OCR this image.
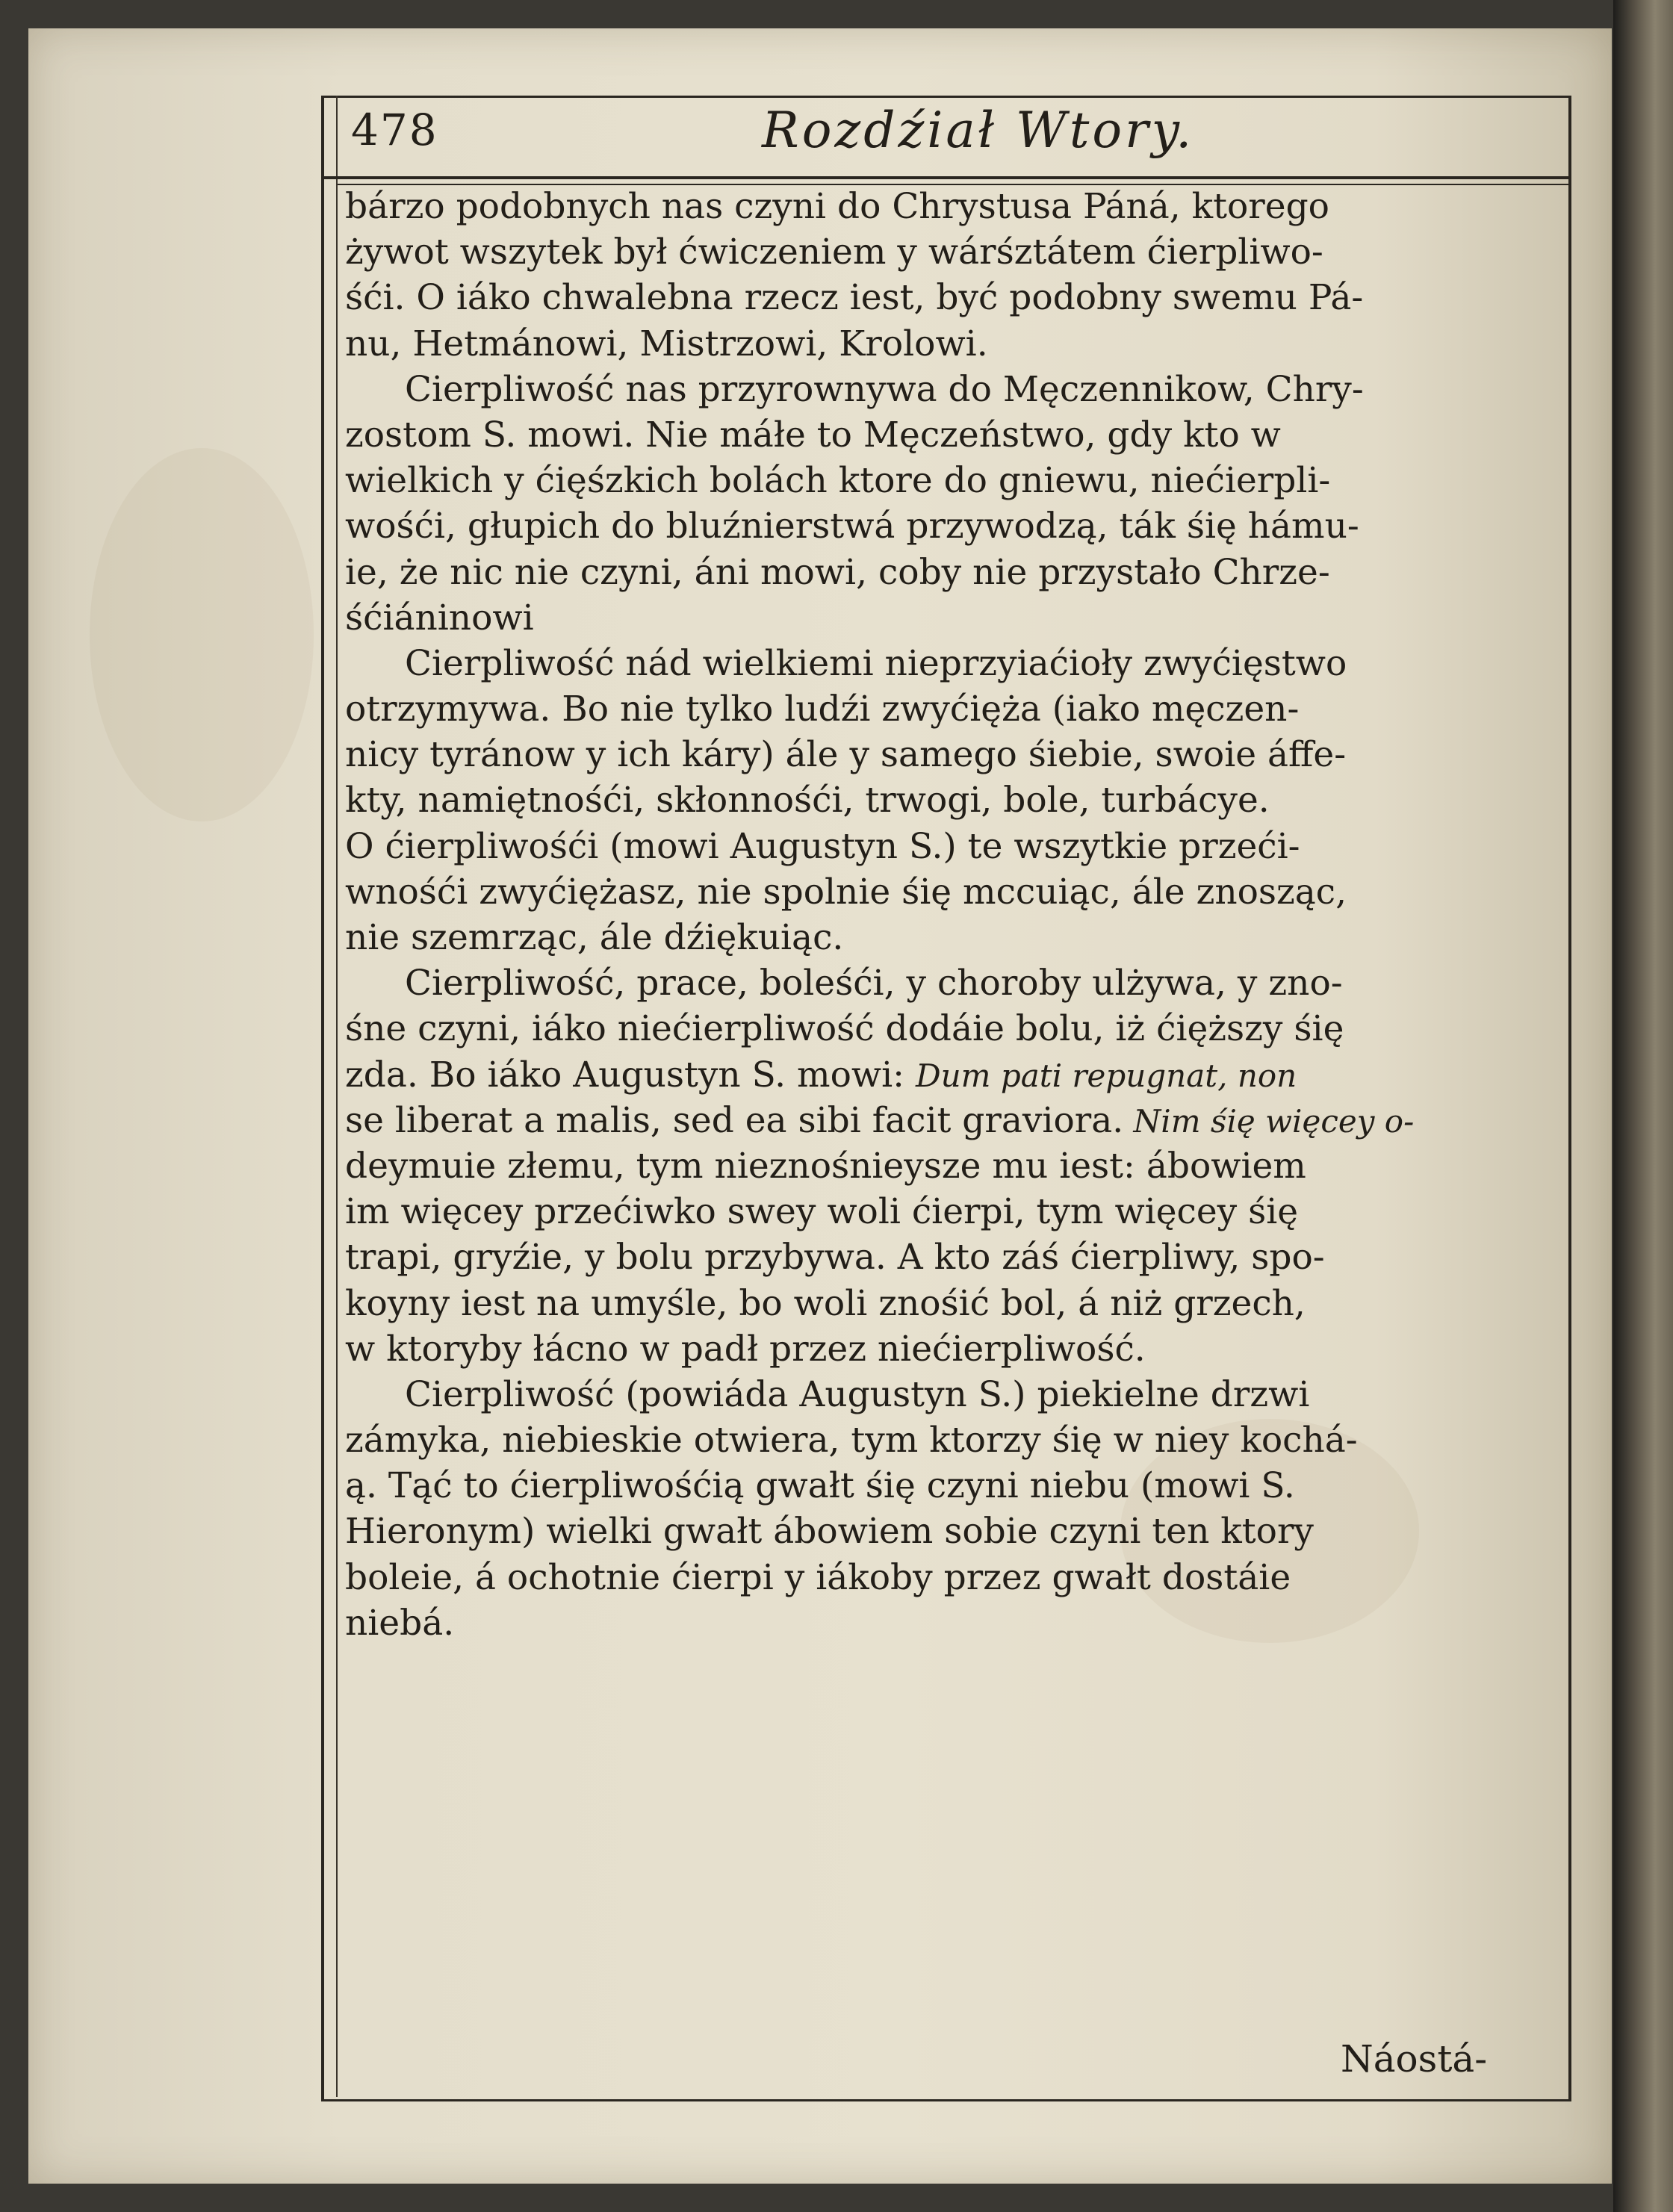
478	Rozdźiał Wtory.
bárzo podobnych nas czyni do Chrystusa Páná, ktorego
żywot wszytek był ćwiczeniem y wárśztátem ćierpliwo-
śći. O iáko chwalebna rzecz iest, być podobny swemu Pá-
nu, Hetmánowi, Mistrzowi, Krolowi.
Cierpliwość nas przyrownywa do Męczennikow, Chry-
zostom S. mowi. Nie máłe to Męczeństwo, gdy kto w
wielkich y ćięśzkich bolách ktore do gniewu, niećierpli-
wośći, głupich do bluźnierstwá przywodzą, ták śię hámu-
ie, że nic nie czyni, áni mowi, coby nie przystało Chrze-
śćiáninowi
Cierpliwość nád wielkiemi nieprzyiaćioły zwyćięstwo
otrzymywa. Bo nie tylko ludźi zwyćięża (iako męczen-
nicy tyránow y ich káry) ále y samego śiebie, swoie áffe-
kty, namiętnośći, skłonnośći, trwogi, bole, turbácye.
O ćierpliwośći (mowi Augustyn S.) te wszytkie przeći-
wnośći zwyćiężasz, nie spolnie śię mccuiąc, ále znosząc,
nie szemrząc, ále dźiękuiąc.
Cierpliwość, prace, boleśći, y choroby ulżywa, y zno-
śne czyni, iáko niećierpliwość dodáie bolu, iż ćięższy śię
zda. Bo iáko Augustyn S. mowi: Dum pati repugnat, non
se liberat a malis, sed ea sibi facit graviora. Nim śię więcey o-
deymuie złemu, tym nieznośnieysze mu iest: ábowiem
im więcey przećiwko swey woli ćierpi, tym więcey śię
trapi, gryźie, y bolu przybywa. A kto záś ćierpliwy, spo-
koyny iest na umyśle, bo woli znośić bol, á niż grzech,
w ktoryby łácno w padł przez niećierpliwość.
Cierpliwość (powiáda Augustyn S.) piekielne drzwi
zámyka, niebieskie otwiera, tym ktorzy śię w niey kochá-
ą. Tąć to ćierpliwośćią gwałt śię czyni niebu (mowi S.
Hieronym) wielki gwałt ábowiem sobie czyni ten ktory
boleie, á ochotnie ćierpi y iákoby przez gwałt dostáie
niebá.
Náostá-
